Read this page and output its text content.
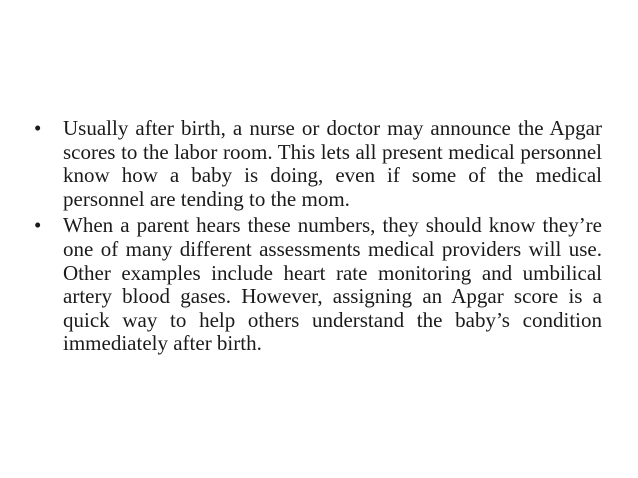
•	Usually after birth, a nurse or doctor may announce the Apgar scores to the labor room. This lets all present medical personnel know how a baby is doing, even if some of the medical personnel are tending to the mom.
•	When a parent hears these numbers, they should know they’re one of many different assessments medical providers will use. Other examples include heart rate monitoring and umbilical artery blood gases. However, assigning an Apgar score is a quick way to help others understand the baby’s condition immediately after birth.
